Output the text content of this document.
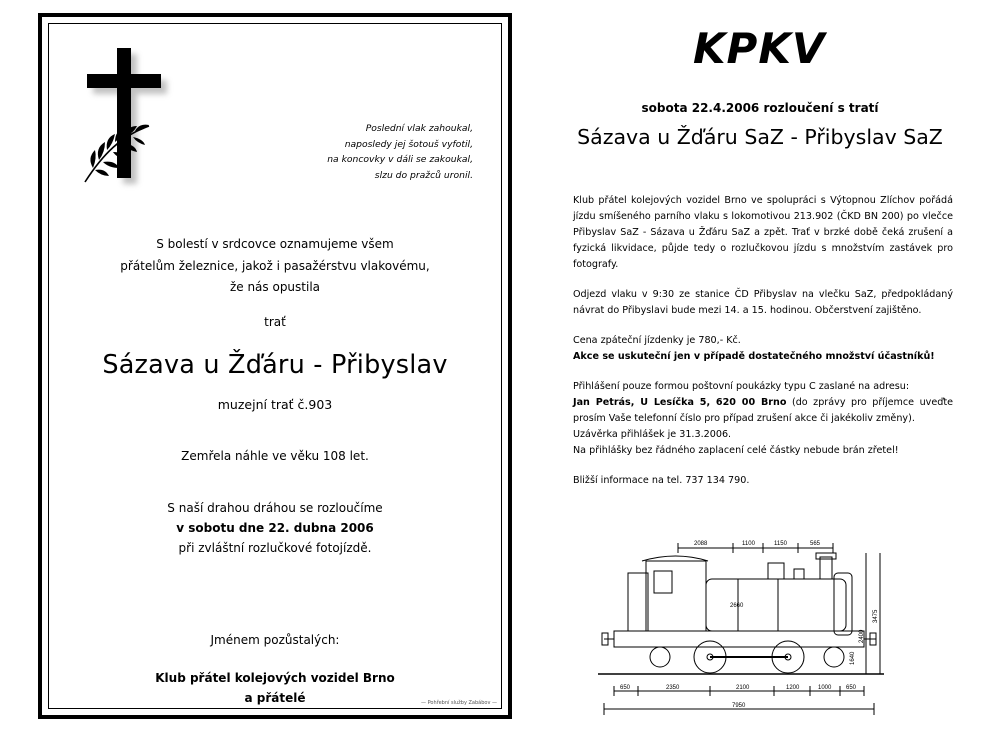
Poslední vlak zahoukal,
naposledy jej šotouš vyfotil,
na koncovky v dáli se zakoukal,
slzu do pražců uronil.
S bolestí v srdcovce oznamujeme všem
přátelům železnice, jakož i pasažérstvu vlakovému,
že nás opustila
trať
Sázava u Žďáru - Přibyslav
muzejní trať č.903
Zemřela náhle ve věku 108 let.
S naší drahou dráhou se rozloučíme
v sobotu dne 22. dubna 2006
při zvláštní rozlučkové fotojízdě.
Jménem pozůstalých:
Klub přátel kolejových vozidel Brno
a přátelé	— Pohřební služby Zabábov —
KPKV
sobota 22.4.2006 rozloučení s tratí
Sázava u Žďáru SaZ - Přibyslav SaZ

Klub přátel kolejových vozidel Brno ve spolupráci s Výtopnou Zlíchov pořádá jízdu smíšeného parního vlaku s lokomotivou 213.902 (ČKD BN 200) po vlečce Přibyslav SaZ - Sázava u Žďáru SaZ a zpět. Trať v brzké době čeká zrušení a fyzická likvidace, půjde tedy o rozlučkovou jízdu s množstvím zastávek pro fotografy.

Odjezd vlaku v 9:30 ze stanice ČD Přibyslav na vlečku SaZ, předpokládaný návrat do Přibyslavi bude mezi 14. a 15. hodinou. Občerstvení zajištěno.

Cena zpáteční jízdenky je 780,- Kč.
Akce se uskuteční jen v případě dostatečného množství účastníků!

Přihlášení pouze formou poštovní poukázky typu C zaslané na adresu:
Jan Petrás, U Lesíčka 5, 620 00 Brno (do zprávy pro příjemce uveďte prosím Vaše telefonní číslo pro případ zrušení akce či jakékoliv změny).
Uzávěrka přihlášek je 31.3.2006.
Na přihlášky bez řádného zaplacení celé částky nebude brán zřetel!

Bližší informace na tel. 737 134 790.

2088	1100	1150	565
2660
650	2350	2100	1200	1000 650
7950
3475
2400
1640
